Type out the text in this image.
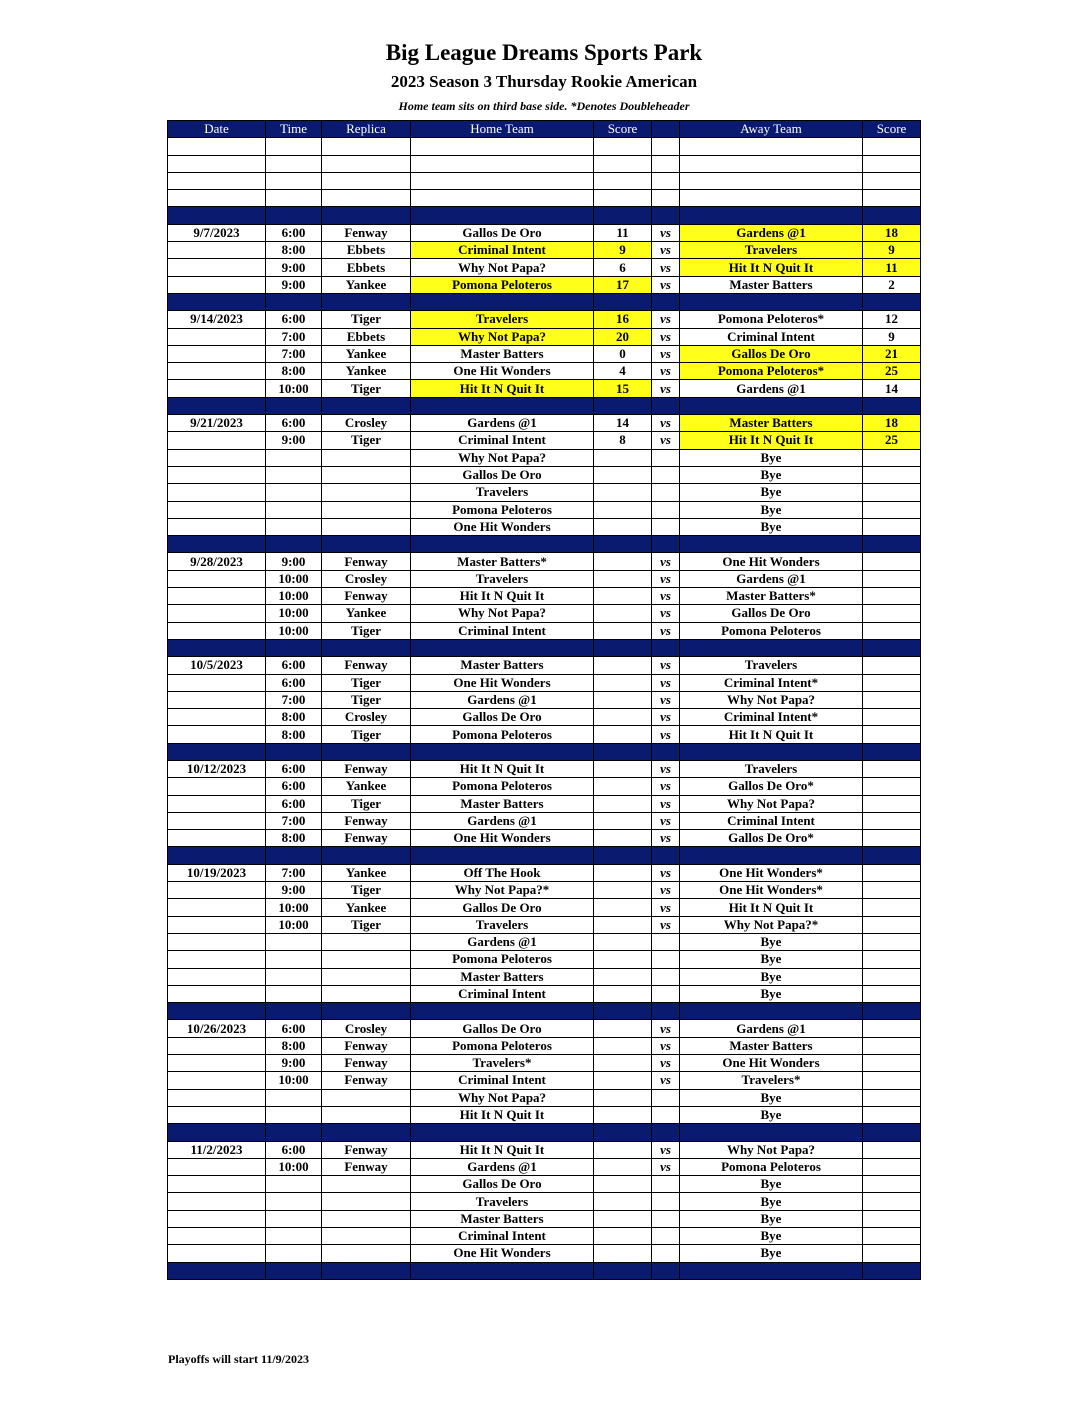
Big League Dreams Sports Park
2023 Season 3 Thursday Rookie American
Home team sits on third base side. *Denotes Doubleheader
Date	Time	Replica	Home Team	Score		Away Team	Score

9/7/2023	6:00	Fenway	Gallos De Oro	11	vs	Gardens @1	18
	8:00	Ebbets	Criminal Intent	9	vs	Travelers	9
	9:00	Ebbets	Why Not Papa?	6	vs	Hit It N Quit It	11
	9:00	Yankee	Pomona Peloteros	17	vs	Master Batters	2

9/14/2023	6:00	Tiger	Travelers	16	vs	Pomona Peloteros*	12
	7:00	Ebbets	Why Not Papa?	20	vs	Criminal Intent	9
	7:00	Yankee	Master Batters	0	vs	Gallos De Oro	21
	8:00	Yankee	One Hit Wonders	4	vs	Pomona Peloteros*	25
	10:00	Tiger	Hit It N Quit It	15	vs	Gardens @1	14

9/21/2023	6:00	Crosley	Gardens @1	14	vs	Master Batters	18
	9:00	Tiger	Criminal Intent	8	vs	Hit It N Quit It	25
			Why Not Papa?			Bye	
			Gallos De Oro			Bye	
			Travelers			Bye	
			Pomona Peloteros			Bye	
			One Hit Wonders			Bye	

9/28/2023	9:00	Fenway	Master Batters*		vs	One Hit Wonders	
	10:00	Crosley	Travelers		vs	Gardens @1	
	10:00	Fenway	Hit It N Quit It		vs	Master Batters*	
	10:00	Yankee	Why Not Papa?		vs	Gallos De Oro	
	10:00	Tiger	Criminal Intent		vs	Pomona Peloteros	

10/5/2023	6:00	Fenway	Master Batters		vs	Travelers	
	6:00	Tiger	One Hit Wonders		vs	Criminal Intent*	
	7:00	Tiger	Gardens @1		vs	Why Not Papa?	
	8:00	Crosley	Gallos De Oro		vs	Criminal Intent*	
	8:00	Tiger	Pomona Peloteros		vs	Hit It N Quit It	

10/12/2023	6:00	Fenway	Hit It N Quit It		vs	Travelers	
	6:00	Yankee	Pomona Peloteros		vs	Gallos De Oro*	
	6:00	Tiger	Master Batters		vs	Why Not Papa?	
	7:00	Fenway	Gardens @1		vs	Criminal Intent	
	8:00	Fenway	One Hit Wonders		vs	Gallos De Oro*	

10/19/2023	7:00	Yankee	Off The Hook		vs	One Hit Wonders*	
	9:00	Tiger	Why Not Papa?*		vs	One Hit Wonders*	
	10:00	Yankee	Gallos De Oro		vs	Hit It N Quit It	
	10:00	Tiger	Travelers		vs	Why Not Papa?*	
			Gardens @1			Bye	
			Pomona Peloteros			Bye	
			Master Batters			Bye	
			Criminal Intent			Bye	

10/26/2023	6:00	Crosley	Gallos De Oro		vs	Gardens @1	
	8:00	Fenway	Pomona Peloteros		vs	Master Batters	
	9:00	Fenway	Travelers*		vs	One Hit Wonders	
	10:00	Fenway	Criminal Intent		vs	Travelers*	
			Why Not Papa?			Bye	
			Hit It N Quit It			Bye	

11/2/2023	6:00	Fenway	Hit It N Quit It		vs	Why Not Papa?	
	10:00	Fenway	Gardens @1		vs	Pomona Peloteros	
			Gallos De Oro			Bye	
			Travelers			Bye	
			Master Batters			Bye	
			Criminal Intent			Bye	
			One Hit Wonders			Bye	

Playoffs will start 11/9/2023
